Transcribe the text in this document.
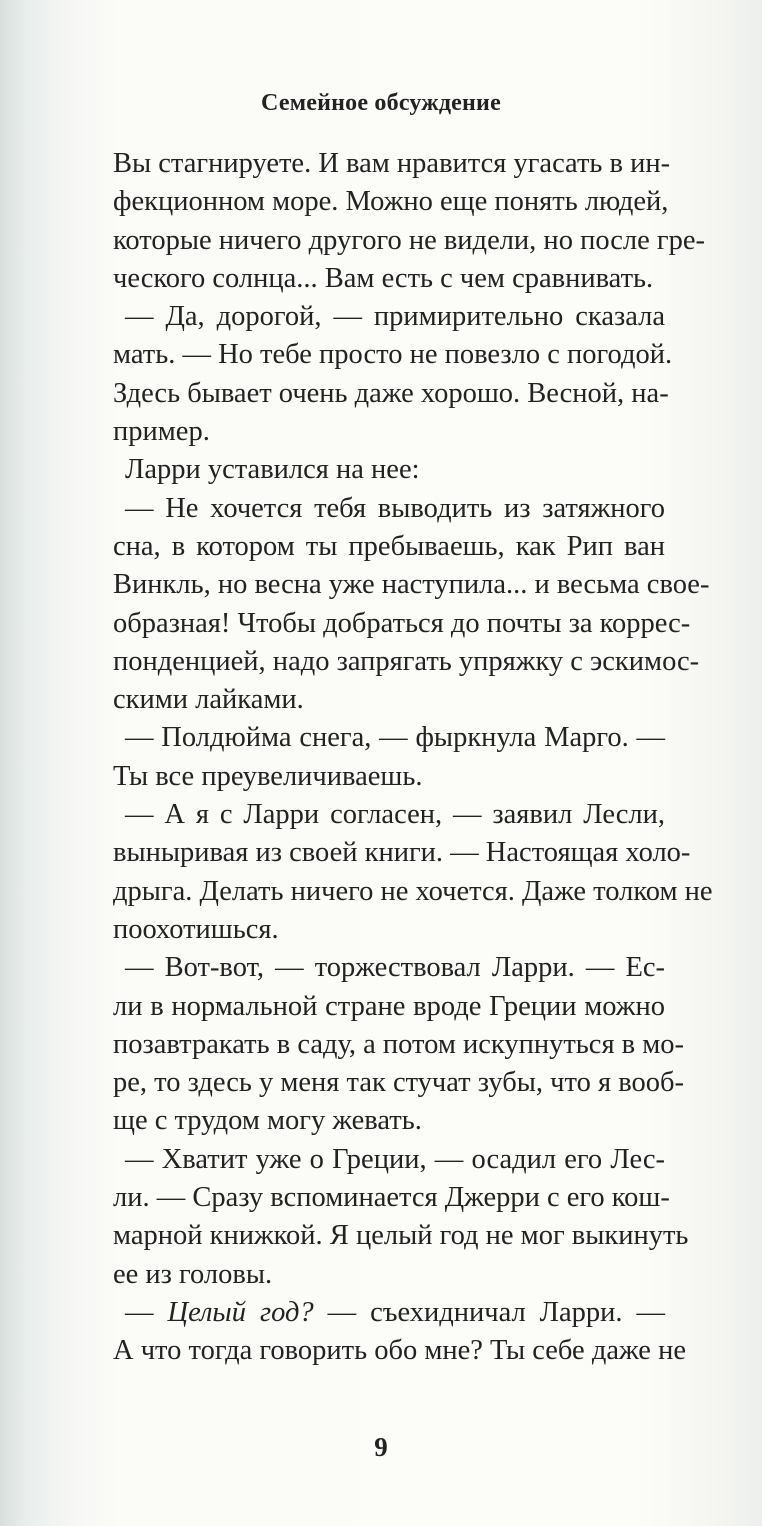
Семейное обсуждение
Вы стагнируете. И вам нравится угасать в ин-
фекционном море. Можно еще понять людей,
которые ничего другого не видели, но после гре-
ческого солнца... Вам есть с чем сравнивать.
— Да, дорогой, — примирительно сказала
мать. — Но тебе просто не повезло с погодой.
Здесь бывает очень даже хорошо. Весной, на-
пример.
Ларри уставился на нее:
— Не хочется тебя выводить из затяжного
сна, в котором ты пребываешь, как Рип ван
Винкль, но весна уже наступила... и весьма свое-
образная! Чтобы добраться до почты за коррес-
понденцией, надо запрягать упряжку с эскимос-
скими лайками.
— Полдюйма снега, — фыркнула Марго. —
Ты все преувеличиваешь.
— А я с Ларри согласен, — заявил Лесли,
выныривая из своей книги. — Настоящая холо-
дрыга. Делать ничего не хочется. Даже толком не
поохотишься.
— Вот-вот, — торжествовал Ларри. — Ес-
ли в нормальной стране вроде Греции можно
позавтракать в саду, а потом искупнуться в мо-
ре, то здесь у меня так стучат зубы, что я вооб-
ще с трудом могу жевать.
— Хватит уже о Греции, — осадил его Лес-
ли. — Сразу вспоминается Джерри с его кош-
марной книжкой. Я целый год не мог выкинуть
ее из головы.
— Целый год? — съехидничал Ларри. —
А что тогда говорить обо мне? Ты себе даже не
9
